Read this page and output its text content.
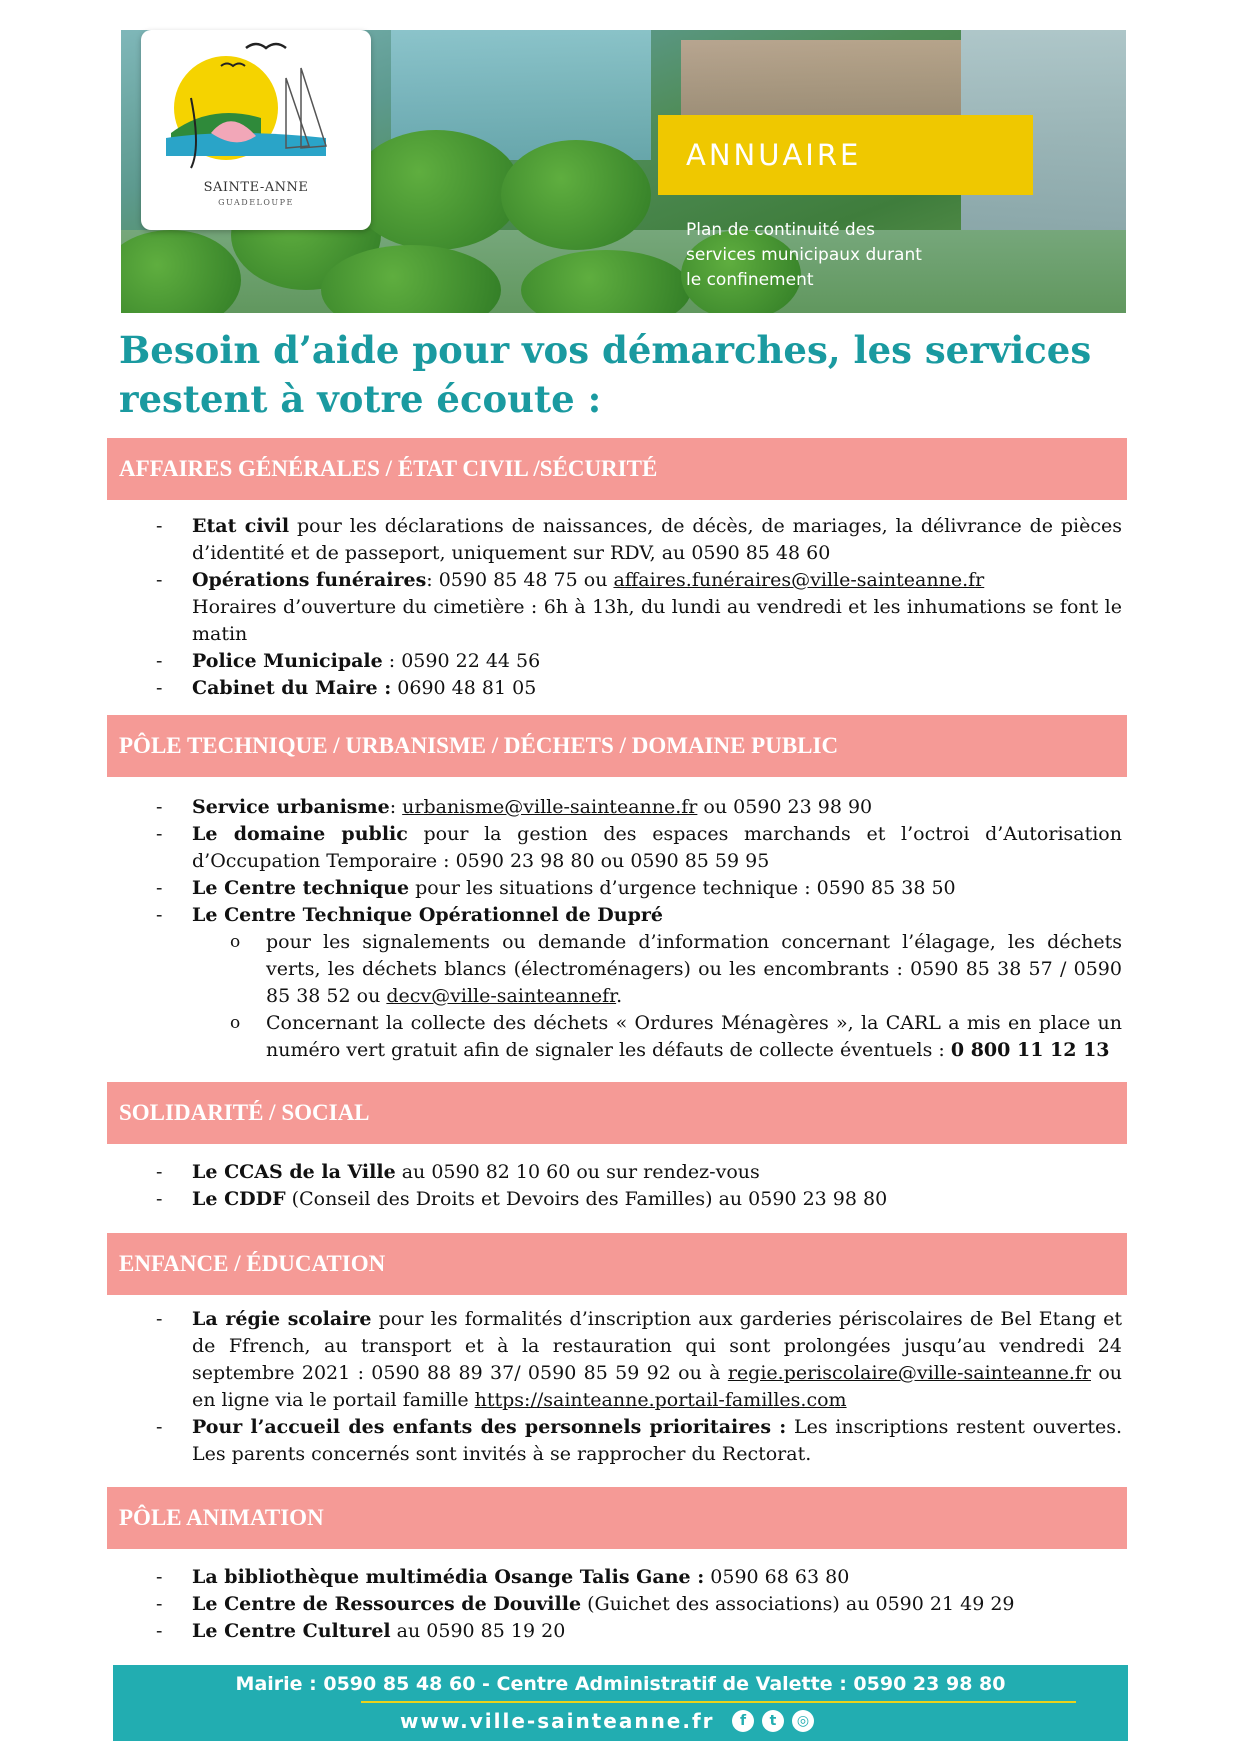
SAINTE-ANNE
GUADELOUPE
ANNUAIRE
Plan de continuité des
services municipaux durant
le confinement
Besoin d’aide pour vos démarches, les services
restent à votre écoute :
AFFAIRES GÉNÉRALES / ÉTAT CIVIL /SÉCURITÉ
- Etat civil pour les déclarations de naissances, de décès, de mariages, la délivrance de pièces d’identité et de passeport, uniquement sur RDV, au 0590 85 48 60
- Opérations funéraires: 0590 85 48 75 ou affaires.funéraires@ville-sainteanne.fr
Horaires d’ouverture du cimetière : 6h à 13h, du lundi au vendredi et les inhumations se font le matin
- Police Municipale : 0590 22 44 56
- Cabinet du Maire : 0690 48 81 05
PÔLE TECHNIQUE / URBANISME / DÉCHETS / DOMAINE PUBLIC
- Service urbanisme: urbanisme@ville-sainteanne.fr ou 0590 23 98 90
- Le domaine public pour la gestion des espaces marchands et l’octroi d’Autorisation d’Occupation Temporaire : 0590 23 98 80 ou 0590 85 59 95
- Le Centre technique pour les situations d’urgence technique : 0590 85 38 50
- Le Centre Technique Opérationnel de Dupré
o pour les signalements ou demande d’information concernant l’élagage, les déchets verts, les déchets blancs (électroménagers) ou les encombrants : 0590 85 38 57 / 0590 85 38 52 ou decv@ville-sainteannefr.
o Concernant la collecte des déchets « Ordures Ménagères », la CARL a mis en place un numéro vert gratuit afin de signaler les défauts de collecte éventuels : 0 800 11 12 13
SOLIDARITÉ / SOCIAL
- Le CCAS de la Ville au 0590 82 10 60 ou sur rendez-vous
- Le CDDF (Conseil des Droits et Devoirs des Familles) au 0590 23 98 80
ENFANCE / ÉDUCATION
- La régie scolaire pour les formalités d’inscription aux garderies périscolaires de Bel Etang et de Ffrench, au transport et à la restauration qui sont prolongées jusqu’au vendredi 24 septembre 2021 : 0590 88 89 37/ 0590 85 59 92 ou à regie.periscolaire@ville-sainteanne.fr ou en ligne via le portail famille https://sainteanne.portail-familles.com
- Pour l’accueil des enfants des personnels prioritaires : Les inscriptions restent ouvertes. Les parents concernés sont invités à se rapprocher du Rectorat.
PÔLE ANIMATION
- La bibliothèque multimédia Osange Talis Gane : 0590 68 63 80
- Le Centre de Ressources de Douville (Guichet des associations) au 0590 21 49 29
- Le Centre Culturel au 0590 85 19 20
Mairie : 0590 85 48 60 - Centre Administratif de Valette : 0590 23 98 80
www.ville-sainteanne.fr	f	t	◎
